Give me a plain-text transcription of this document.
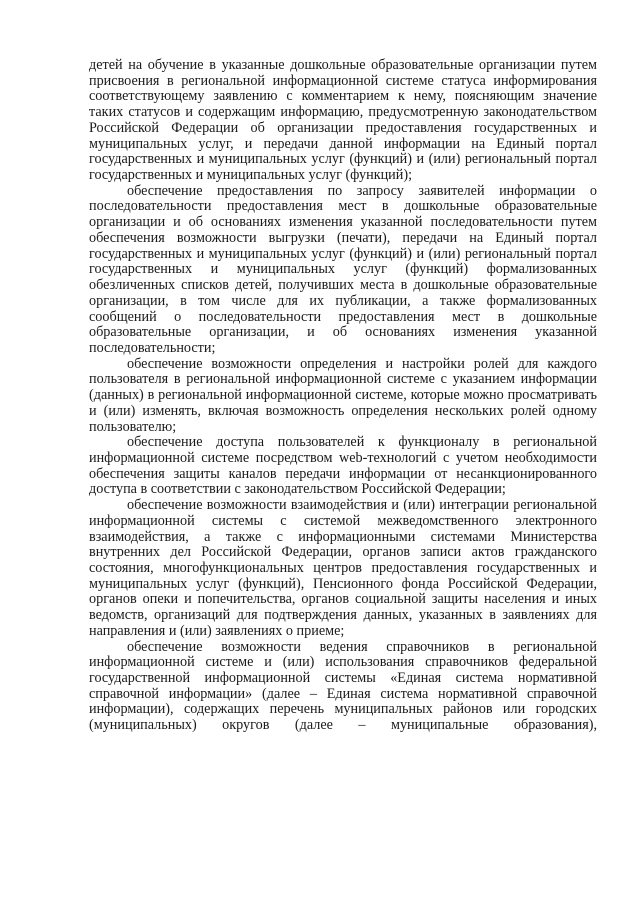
детей на обучение в указанные дошкольные образовательные организации путем присвоения в региональной информационной системе статуса информирования соответствующему заявлению с комментарием к нему, поясняющим значение таких статусов и содержащим информацию, предусмотренную законодательством Российской Федерации об организации предоставления государственных и муниципальных услуг, и передачи данной информации на Единый портал государственных и муниципальных услуг (функций) и (или) региональный портал государственных и муниципальных услуг (функций);

обеспечение предоставления по запросу заявителей информации о последовательности предоставления мест в дошкольные образовательные организации и об основаниях изменения указанной последовательности путем обеспечения возможности выгрузки (печати), передачи на Единый портал государственных и муниципальных услуг (функций) и (или) региональный портал государственных и муниципальных услуг (функций) формализованных обезличенных списков детей, получивших места в дошкольные образовательные организации, в том числе для их публикации, а также формализованных сообщений о последовательности предоставления мест в дошкольные образовательные организации, и об основаниях изменения указанной последовательности;

обеспечение возможности определения и настройки ролей для каждого пользователя в региональной информационной системе с указанием информации (данных) в региональной информационной системе, которые можно просматривать и (или) изменять, включая возможность определения нескольких ролей одному пользователю;

обеспечение доступа пользователей к функционалу в региональной информационной системе посредством web-технологий с учетом необходимости обеспечения защиты каналов передачи информации от несанкционированного доступа в соответствии с законодательством Российской Федерации;

обеспечение возможности взаимодействия и (или) интеграции региональной информационной системы с системой межведомственного электронного взаимодействия, а также с информационными системами Министерства внутренних дел Российской Федерации, органов записи актов гражданского состояния, многофункциональных центров предоставления государственных и муниципальных услуг (функций), Пенсионного фонда Российской Федерации, органов опеки и попечительства, органов социальной защиты населения и иных ведомств, организаций для подтверждения данных, указанных в заявлениях для направления и (или) заявлениях о приеме;

обеспечение возможности ведения справочников в региональной информационной системе и (или) использования справочников федеральной государственной информационной системы «Единая система нормативной справочной информации» (далее – Единая система нормативной справочной информации), содержащих перечень муниципальных районов или городских (муниципальных) округов (далее – муниципальные образования),
